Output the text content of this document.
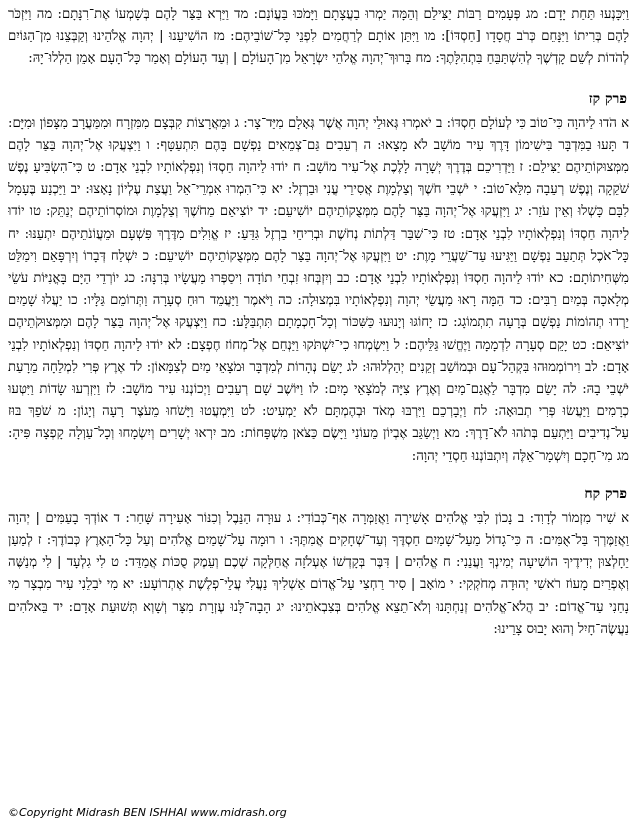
וַיִּכָּנְעוּ תַּחַת יָדָם: מג פְּעָמִים רַבּוֹת יַצִּילֵם וְהֵמָּה יַמְרוּ בַעֲצָתָם וַיָּמֹכּוּ בַּעֲוֹנָם: מד וַיַּרְא בַּצַּר לָהֶם בְּשָׁמְעוֹ אֶת־רִנָּתָם: מה וַיִּזְכֹּר לָהֶם בְּרִיתוֹ וַיִּנָּחֵם כְּרֹב חֲסָדָו [חַסְדּוֹ]: מו וַיִּתֵּן אוֹתָם לְרַחֲמִים לִפְנֵי כָּל־שׁוֹבֵיהֶם: מז הוֹשִׁיעֵנוּ | יְהוָה אֱלֹהֵינוּ וְקַבְּצֵנוּ מִן־הַגּוֹיִם לְהֹדוֹת לְשֵׁם קָדְשֶׁךָ לְהִשְׁתַּבֵּחַ בִּתְהִלָּתֶךָ: מח בָּרוּךְ־יְהוָה אֱלֹהֵי יִשְׂרָאֵל מִן־הָעוֹלָם | וְעַד הָעוֹלָם וְאָמַר כָּל־הָעָם אָמֵן הַלְלוּ־יָהּ:

פרק קז

א הֹדוּ לַיהוָה כִּי־טוֹב כִּי לְעוֹלָם חַסְדּוֹ: ב יֹאמְרוּ גְּאוּלֵי יְהוָה אֲשֶׁר גְּאָלָם מִיַּד־צָר: ג וּמֵאֲרָצוֹת קִבְּצָם מִמִּזְרָח וּמִמַּעֲרָב מִצָּפוֹן וּמִיָּם: ד תָּעוּ בַמִּדְבָּר בִּישִׁימוֹן דָּרֶךְ עִיר מוֹשָׁב לֹא מָצָאוּ: ה רְעֵבִים גַּם־צְמֵאִים נַפְשָׁם בָּהֶם תִּתְעַטָּף: ו וַיִּצְעֲקוּ אֶל־יְהוָה בַּצַּר לָהֶם מִמְּצוּקוֹתֵיהֶם יַצִּילֵם: ז וַיַּדְרִיכֵם בְּדֶרֶךְ יְשָׁרָה לָלֶכֶת אֶל־עִיר מוֹשָׁב: ח יוֹדוּ לַיהוָה חַסְדּוֹ וְנִפְלְאוֹתָיו לִבְנֵי אָדָם: ט כִּי־הִשְׂבִּיעַ נֶפֶשׁ שֹׁקֵקָה וְנֶפֶשׁ רְעֵבָה מִלֵּא־טוֹב: י יֹשְׁבֵי חֹשֶׁךְ וְצַלְמָוֶת אֲסִירֵי עֳנִי וּבַרְזֶל: יא כִּי־הִמְרוּ אִמְרֵי־אֵל וַעֲצַת עֶלְיוֹן נָאָצוּ: יב וַיַּכְנַע בֶּעָמָל לִבָּם כָּשְׁלוּ וְאֵין עֹזֵר: יג וַיִּזְעֲקוּ אֶל־יְהוָה בַּצַּר לָהֶם מִמְּצֻקוֹתֵיהֶם יוֹשִׁיעֵם: יד יוֹצִיאֵם מֵחֹשֶׁךְ וְצַלְמָוֶת וּמוֹסְרוֹתֵיהֶם יְנַתֵּק: טו יוֹדוּ לַיהוָה חַסְדּוֹ וְנִפְלְאוֹתָיו לִבְנֵי אָדָם: טז כִּי־שִׁבַּר דַּלְתוֹת נְחֹשֶׁת וּבְרִיחֵי בַרְזֶל גִּדֵּעַ: יז אֱוִלִים מִדֶּרֶךְ פִּשְׁעָם וּמֵעֲוֹנֹתֵיהֶם יִתְעַנּוּ: יח כָּל־אֹכֶל תְּתַעֵב נַפְשָׁם וַיַּגִּיעוּ עַד־שַׁעֲרֵי מָוֶת: יט וַיִּזְעֲקוּ אֶל־יְהוָה בַּצַּר לָהֶם מִמְּצֻקוֹתֵיהֶם יוֹשִׁיעֵם: כ יִשְׁלַח דְּבָרוֹ וְיִרְפָּאֵם וִימַלֵּט מִשְּׁחִיתוֹתָם: כא יוֹדוּ לַיהוָה חַסְדּוֹ וְנִפְלְאוֹתָיו לִבְנֵי אָדָם: כב וְיִזְבְּחוּ זִבְחֵי תוֹדָה וִיסַפְּרוּ מַעֲשָׂיו בְּרִנָּה: כג יוֹרְדֵי הַיָּם בָּאֳנִיּוֹת עֹשֵׂי מְלָאכָה בְּמַיִם רַבִּים: כד הֵמָּה רָאוּ מַעֲשֵׂי יְהוָה וְנִפְלְאוֹתָיו בִּמְצוּלָה: כה וַיֹּאמֶר וַיַּעֲמֵד רוּחַ סְעָרָה וַתְּרוֹמֵם גַּלָּיו: כו יַעֲלוּ שָׁמַיִם יֵרְדוּ תְהוֹמוֹת נַפְשָׁם בְּרָעָה תִתְמוֹגָג: כז יָחוֹגּוּ וְיָנוּעוּ כַּשִּׁכּוֹר וְכָל־חָכְמָתָם תִּתְבַּלָּע: כח וַיִּצְעֲקוּ אֶל־יְהוָה בַּצַּר לָהֶם וּמִמְּצוּקֹתֵיהֶם יוֹצִיאֵם: כט יָקֵם סְעָרָה לִדְמָמָה וַיֶּחֱשׁוּ גַּלֵּיהֶם: ל וַיִּשְׂמְחוּ כִי־יִשְׁתֹּקוּ וַיַּנְחֵם אֶל־מְחוֹז חֶפְצָם: לא יוֹדוּ לַיהוָה חַסְדּוֹ וְנִפְלְאוֹתָיו לִבְנֵי אָדָם: לב וִירוֹמְמוּהוּ בִּקְהַל־עָם וּבְמוֹשַׁב זְקֵנִים יְהַלְלוּהוּ: לג יָשֵׂם נְהָרוֹת לְמִדְבָּר וּמֹצָאֵי מַיִם לְצִמָּאוֹן: לד אֶרֶץ פְּרִי לִמְלֵחָה מֵרָעַת יֹשְׁבֵי בָהּ: לה יָשֵׂם מִדְבָּר לַאֲגַם־מַיִם וְאֶרֶץ צִיָּה לְמֹצָאֵי מָיִם: לו וַיּוֹשֶׁב שָׁם רְעֵבִים וַיְכוֹנְנוּ עִיר מוֹשָׁב: לז וַיִּזְרְעוּ שָׂדוֹת וַיִּטְּעוּ כְרָמִים וַיַּעֲשׂוּ פְּרִי תְבוּאָה: לח וַיְבָרְכֵם וַיִּרְבּוּ מְאֹד וּבְהֶמְתָּם לֹא יַמְעִיט: לט וַיִּמְעֲטוּ וַיָּשֹׁחוּ מֵעֹצֶר רָעָה וְיָגוֹן: מ שֹׁפֵךְ בּוּז עַל־נְדִיבִים וַיַּתְעֵם בְּתֹהוּ לֹא־דָרֶךְ: מא וַיְשַׂגֵּב אֶבְיוֹן מֵעוֹנִי וַיָּשֶׂם כַּצֹּאן מִשְׁפָּחוֹת: מב יִרְאוּ יְשָׁרִים וְיִשְׂמָחוּ וְכָל־עַוְלָה קָפְצָה פִּיהָ: מג מִי־חָכָם וְיִשְׁמָר־אֵלֶּה וְיִתְבּוֹנְנוּ חַסְדֵי יְהוָה:

פרק קח

א שִׁיר מִזְמוֹר לְדָוִד: ב נָכוֹן לִבִּי אֱלֹהִים אָשִׁירָה וַאֲזַמְּרָה אַף־כְּבוֹדִי: ג עוּרָה הַנֵּבֶל וְכִנּוֹר אָעִירָה שָּׁחַר: ד אוֹדְךָ בָעַמִּים | יְהוָה וַאֲזַמֶּרְךָ בַּל־אֻמִּים: ה כִּי־גָדוֹל מֵעַל־שָׁמַיִם חַסְדֶּךָ וְעַד־שְׁחָקִים אֲמִתֶּךָ: ו רוּמָה עַל־שָׁמַיִם אֱלֹהִים וְעַל כָּל־הָאָרֶץ כְּבוֹדֶךָ: ז לְמַעַן יֵחָלְצוּן יְדִידֶיךָ הוֹשִׁיעָה יְמִינְךָ וַעֲנֵנִי: ח אֱלֹהִים | דִּבֶּר בְּקָדְשׁוֹ אֶעְלֹזָה אֲחַלְּקָה שְׁכֶם וְעֵמֶק סֻכּוֹת אֲמַדֵּד: ט לִי גִלְעָד | לִי מְנַשֶּׁה וְאֶפְרַיִם מָעוֹז רֹאשִׁי יְהוּדָה מְחֹקְקִי: י מוֹאָב | סִיר רַחְצִי עַל־אֱדוֹם אַשְׁלִיךְ נַעֲלִי עֲלֵי־פְלֶשֶׁת אֶתְרוֹעָע: יא מִי יֹבִלֵנִי עִיר מִבְצָר מִי נָחַנִי עַד־אֱדוֹם: יב הֲלֹא־אֱלֹהִים זְנַחְתָּנוּ וְלֹא־תֵצֵא אֱלֹהִים בְּצִבְאֹתֵינוּ: יג הָבָה־לָּנוּ עֶזְרָת מִצָּר וְשָׁוְא תְּשׁוּעַת אָדָם: יד בֵּאלֹהִים נַעֲשֶׂה־חָיִל וְהוּא יָבוּס צָרֵינוּ:

©Copyright Midrash BEN ISHHAI www.midrash.org
